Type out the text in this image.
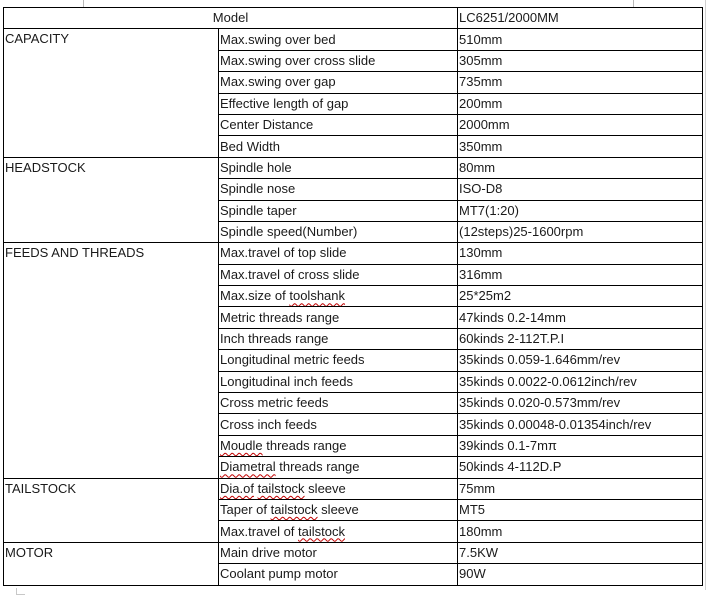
Model		LC6251/2000MM
CAPACITY	Max.swing over bed	510mm
	Max.swing over cross slide	305mm
	Max.swing over gap	735mm
	Effective length of gap	200mm
	Center Distance	2000mm
	Bed Width	350mm
HEADSTOCK	Spindle hole	80mm
	Spindle nose	ISO-D8
	Spindle taper	MT7(1:20)
	Spindle speed(Number)	(12steps)25-1600rpm
FEEDS AND THREADS	Max.travel of top slide	130mm
	Max.travel of cross slide	316mm
	Max.size of toolshank	25*25m2
	Metric threads range	47kinds 0.2-14mm
	Inch threads range	60kinds 2-112T.P.I
	Longitudinal metric feeds	35kinds 0.059-1.646mm/rev
	Longitudinal inch feeds	35kinds 0.0022-0.0612inch/rev
	Cross metric feeds	35kinds 0.020-0.573mm/rev
	Cross inch feeds	35kinds 0.00048-0.01354inch/rev
	Moudle threads range	39kinds 0.1-7mπ
	Diametral threads range	50kinds 4-112D.P
TAILSTOCK	Dia.of tailstock sleeve	75mm
	Taper of tailstock sleeve	MT5
	Max.travel of tailstock	180mm
MOTOR	Main drive motor	7.5KW
	Coolant pump motor	90W
